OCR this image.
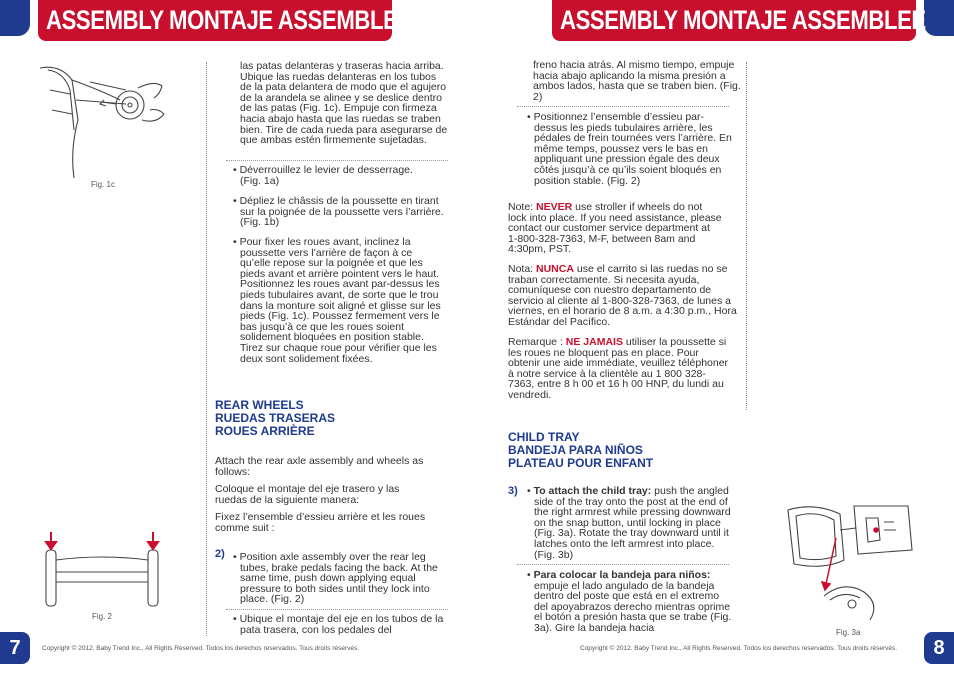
ASSEMBLY MONTAJE ASSEMBLEE	ASSEMBLY MONTAJE ASSEMBLEE
Fig. 1c
Fig. 2
las patas delanteras y traseras hacia arriba. Ubique las ruedas delanteras en los tubos de la pata delantera de modo que el agujero de la arandela se alinee y se deslice dentro de las patas (Fig. 1c). Empuje con firmeza hacia abajo hasta que las ruedas se traben bien. Tire de cada rueda para asegurarse de que ambas estén firmemente sujetadas.
• Déverrouillez le levier de desserrage. (Fig. 1a)
• Dépliez le châssis de la poussette en tirant sur la poignée de la poussette vers l’arrière. (Fig. 1b)
• Pour fixer les roues avant, inclinez la poussette vers l’arrière de façon à ce qu’elle repose sur la poignée et que les pieds avant et arrière pointent vers le haut. Positionnez les roues avant par-dessus les pieds tubulaires avant, de sorte que le trou dans la monture soit aligné et glisse sur les pieds (Fig. 1c). Poussez fermement vers le bas jusqu’à ce que les roues soient solidement bloquées en position stable. Tirez sur chaque roue pour vérifier que les deux sont solidement fixées.
REAR WHEELS
RUEDAS TRASERAS
ROUES ARRIÈRE
Attach the rear axle assembly and wheels as follows:
Coloque el montaje del eje trasero y las ruedas de la siguiente manera:
Fixez l’ensemble d’essieu arrière et les roues comme suit :
2) • Position axle assembly over the rear leg tubes, brake pedals facing the back. At the same time, push down applying equal pressure to both sides until they lock into place. (Fig. 2)
• Ubique el montaje del eje en los tubos de la pata trasera, con los pedales del
7	Copyright © 2012. Baby Trend Inc., All Rights Reserved. Todos los derechos reservados. Tous droits réservés.
freno hacia atrás. Al mismo tiempo, empuje hacia abajo aplicando la misma presión a ambos lados, hasta que se traben bien. (Fig. 2)
• Positionnez l’ensemble d’essieu par-dessus les pieds tubulaires arrière, les pédales de frein tournées vers l’arrière. En même temps, poussez vers le bas en appliquant une pression égale des deux côtés jusqu’à ce qu’ils soient bloqués en position stable. (Fig. 2)
Note: NEVER use stroller if wheels do not lock into place. If you need assistance, please contact our customer service department at 1-800-328-7363, M-F, between 8am and 4:30pm, PST.
Nota: NUNCA use el carrito si las ruedas no se traban correctamente. Si necesita ayuda, comuníquese con nuestro departamento de servicio al cliente al 1-800-328-7363, de lunes a viernes, en el horario de 8 a.m. a 4:30 p.m., Hora Estándar del Pacífico.
Remarque : NE JAMAIS utiliser la poussette si les roues ne bloquent pas en place. Pour obtenir une aide immédiate, veuillez téléphoner à notre service à la clientèle au 1 800 328-7363, entre 8 h 00 et 16 h 00 HNP, du lundi au vendredi.
CHILD TRAY
BANDEJA PARA NIÑOS
PLATEAU POUR ENFANT
3) • To attach the child tray: push the angled side of the tray onto the post at the end of the right armrest while pressing downward on the snap button, until locking in place (Fig. 3a). Rotate the tray downward until it latches onto the left armrest into place. (Fig. 3b)
• Para colocar la bandeja para niños: empuje el lado angulado de la bandeja dentro del poste que está en el extremo del apoyabrazos derecho mientras oprime el botón a presión hasta que se trabe (Fig. 3a). Gire la bandeja hacia	Fig. 3a
Copyright © 2012. Baby Trend Inc., All Rights Reserved. Todos los derechos reservados. Tous droits réservés.	8
